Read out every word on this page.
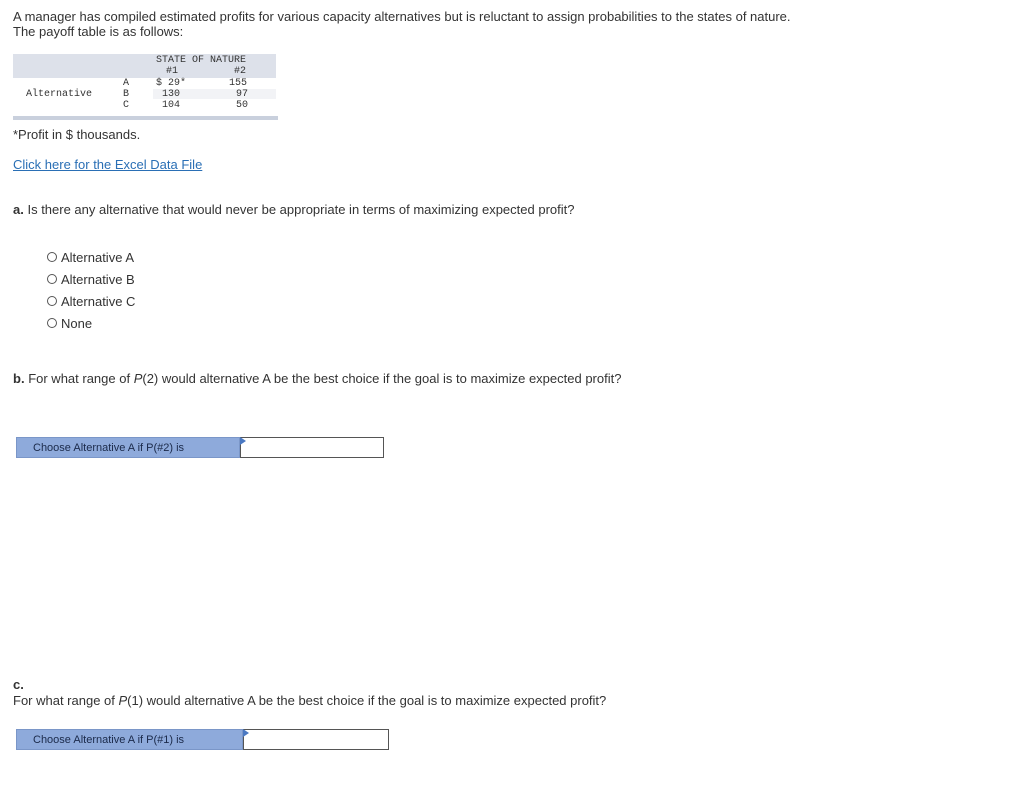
A manager has compiled estimated profits for various capacity alternatives but is reluctant to assign probabilities to the states of nature. The payoff table is as follows:
STATE OF NATURE
#1	#2
Alternative
A	$ 29*	155
B	130	97
C	104	50
*Profit in $ thousands.
Click here for the Excel Data File
a. Is there any alternative that would never be appropriate in terms of maximizing expected profit?
Alternative A
Alternative B
Alternative C
None
b. For what range of P(2) would alternative A be the best choice if the goal is to maximize expected profit?
Choose Alternative A if P(#2) is
c.
For what range of P(1) would alternative A be the best choice if the goal is to maximize expected profit?
Choose Alternative A if P(#1) is
